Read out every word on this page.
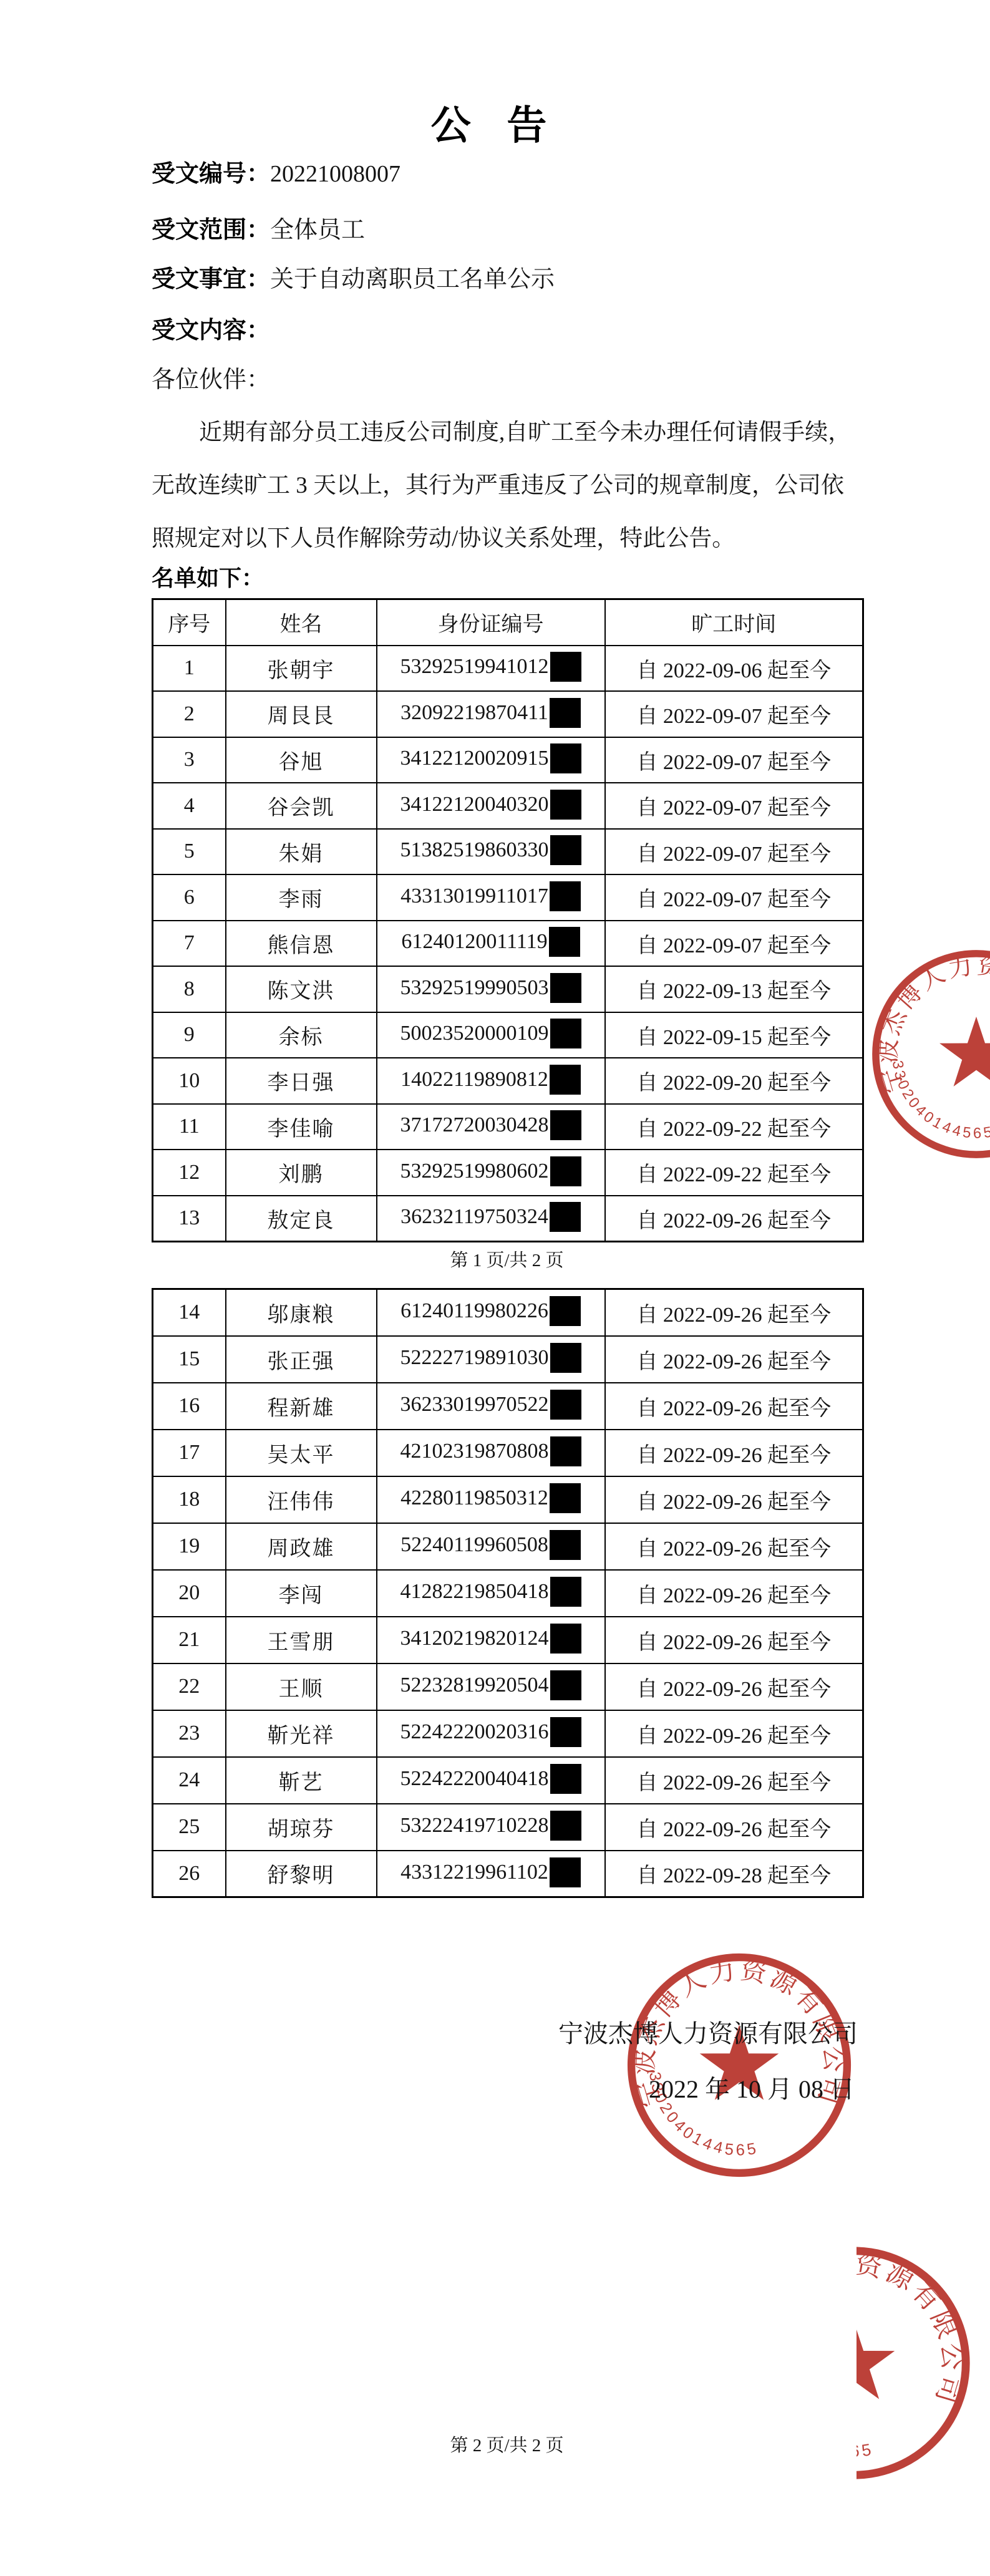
公 告
受文编号：20221008007
受文范围：全体员工
受文事宜：关于自动离职员工名单公示
受文内容：
各位伙伴：
近期有部分员工违反公司制度,自旷工至今未办理任何请假手续，
无故连续旷工 3 天以上，其行为严重违反了公司的规章制度，公司依
照规定对以下人员作解除劳动/协议关系处理，特此公告。
名单如下：
序号	姓名	身份证编号	旷工时间
1	张朝宇	53292519941012	自 2022-09-06 起至今
2	周艮艮	32092219870411	自 2022-09-07 起至今
3	谷旭	34122120020915	自 2022-09-07 起至今
4	谷会凯	34122120040320	自 2022-09-07 起至今
5	朱娟	51382519860330	自 2022-09-07 起至今
6	李雨	43313019911017	自 2022-09-07 起至今
7	熊信恩	61240120011119	自 2022-09-07 起至今
8	陈文洪	53292519990503	自 2022-09-13 起至今
9	余标	50023520000109	自 2022-09-15 起至今
10	李日强	14022119890812	自 2022-09-20 起至今
11	李佳喻	37172720030428	自 2022-09-22 起至今
12	刘鹏	53292519980602	自 2022-09-22 起至今
13	敖定良	36232119750324	自 2022-09-26 起至今
第 1 页/共 2 页
14	邬康粮	61240119980226	自 2022-09-26 起至今
15	张正强	52222719891030	自 2022-09-26 起至今
16	程新雄	36233019970522	自 2022-09-26 起至今
17	吴太平	42102319870808	自 2022-09-26 起至今
18	汪伟伟	42280119850312	自 2022-09-26 起至今
19	周政雄	52240119960508	自 2022-09-26 起至今
20	李闯	41282219850418	自 2022-09-26 起至今
21	王雪朋	34120219820124	自 2022-09-26 起至今
22	王顺	52232819920504	自 2022-09-26 起至今
23	靳光祥	52242220020316	自 2022-09-26 起至今
24	靳艺	52242220040418	自 2022-09-26 起至今
25	胡琼芬	53222419710228	自 2022-09-26 起至今
26	舒黎明	43312219961102	自 2022-09-28 起至今
宁波杰博人力资源有限公司
2022 年 10 月 08 日
第 2 页/共 2 页
